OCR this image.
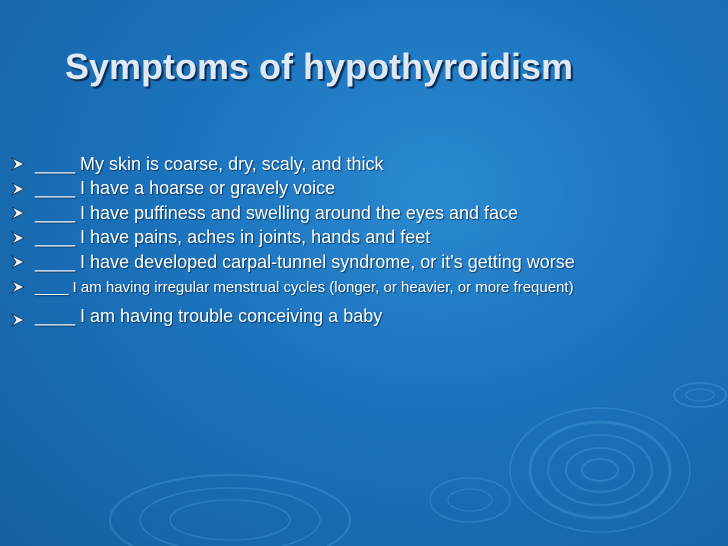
Symptoms of hypothyroidism
____ My skin is coarse, dry, scaly, and thick
____ I have a hoarse or gravely voice
____ I have puffiness and swelling around the eyes and face
____ I have pains, aches in joints, hands and feet
____ I have developed carpal-tunnel syndrome, or it's getting worse
____ I am having irregular menstrual cycles (longer, or heavier, or more frequent)
____ I am having trouble conceiving a baby
